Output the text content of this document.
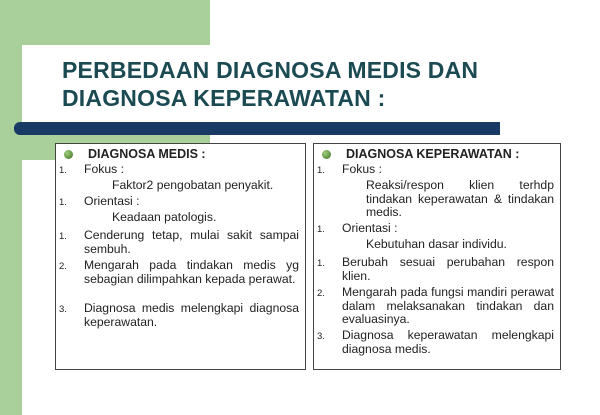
PERBEDAAN DIAGNOSA MEDIS DAN
DIAGNOSA KEPERAWATAN :
DIAGNOSA MEDIS :
1. Fokus :
Faktor2 pengobatan penyakit.
1. Orientasi :
Keadaan patologis.
1. Cenderung tetap, mulai sakit sampai sembuh.
2. Mengarah pada tindakan medis yg sebagian dilimpahkan kepada perawat.
3. Diagnosa medis melengkapi diagnosa keperawatan.
DIAGNOSA KEPERAWATAN :
1. Fokus :
Reaksi/respon klien terhdp tindakan keperawatan & tindakan medis.
1. Orientasi :
Kebutuhan dasar individu.
1. Berubah sesuai perubahan respon klien.
2. Mengarah pada fungsi mandiri perawat dalam melaksanakan tindakan dan evaluasinya.
3. Diagnosa keperawatan melengkapi diagnosa medis.
